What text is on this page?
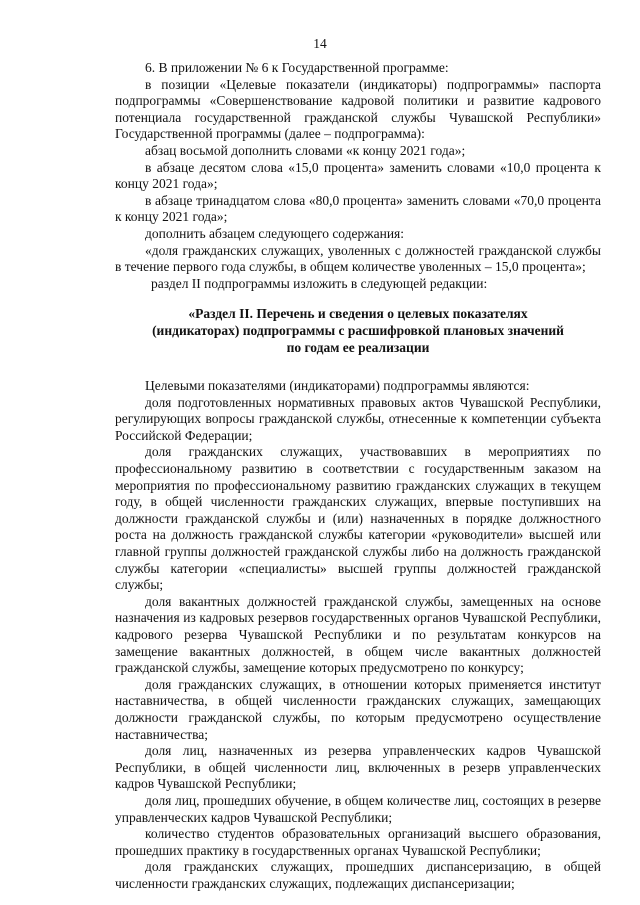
14

6. В приложении № 6 к Государственной программе:

в позиции «Целевые показатели (индикаторы) подпрограммы» паспорта подпрограммы «Совершенствование кадровой политики и развитие кадрового потенциала государственной гражданской службы Чувашской Республики» Государственной программы (далее – подпрограмма):

абзац восьмой дополнить словами «к концу 2021 года»;

в абзаце десятом слова «15,0 процента» заменить словами «10,0 процента к концу 2021 года»;

в абзаце тринадцатом слова «80,0 процента» заменить словами «70,0 процента к концу 2021 года»;

дополнить абзацем следующего содержания:

«доля гражданских служащих, уволенных с должностей гражданской службы в течение первого года службы, в общем количестве уволенных – 15,0 процента»;

раздел II подпрограммы изложить в следующей редакции:

«Раздел II. Перечень и сведения о целевых показателях (индикаторах) подпрограммы с расшифровкой плановых значений по годам ее реализации

Целевыми показателями (индикаторами) подпрограммы являются:

доля подготовленных нормативных правовых актов Чувашской Республики, регулирующих вопросы гражданской службы, отнесенные к компетенции субъекта Российской Федерации;

доля гражданских служащих, участвовавших в мероприятиях по профессиональному развитию в соответствии с государственным заказом на мероприятия по профессиональному развитию гражданских служащих в текущем году, в общей численности гражданских служащих, впервые поступивших на должности гражданской службы и (или) назначенных в порядке должностного роста на должность гражданской службы категории «руководители» высшей или главной группы должностей гражданской службы либо на должность гражданской службы категории «специалисты» высшей группы должностей гражданской службы;

доля вакантных должностей гражданской службы, замещенных на основе назначения из кадровых резервов государственных органов Чувашской Республики, кадрового резерва Чувашской Республики и по результатам конкурсов на замещение вакантных должностей, в общем числе вакантных должностей гражданской службы, замещение которых предусмотрено по конкурсу;

доля гражданских служащих, в отношении которых применяется институт наставничества, в общей численности гражданских служащих, замещающих должности гражданской службы, по которым предусмотрено осуществление наставничества;

доля лиц, назначенных из резерва управленческих кадров Чувашской Республики, в общей численности лиц, включенных в резерв управленческих кадров Чувашской Республики;

доля лиц, прошедших обучение, в общем количестве лиц, состоящих в резерве управленческих кадров Чувашской Республики;

количество студентов образовательных организаций высшего образования, прошедших практику в государственных органах Чувашской Республики;

доля гражданских служащих, прошедших диспансеризацию, в общей численности гражданских служащих, подлежащих диспансеризации;
